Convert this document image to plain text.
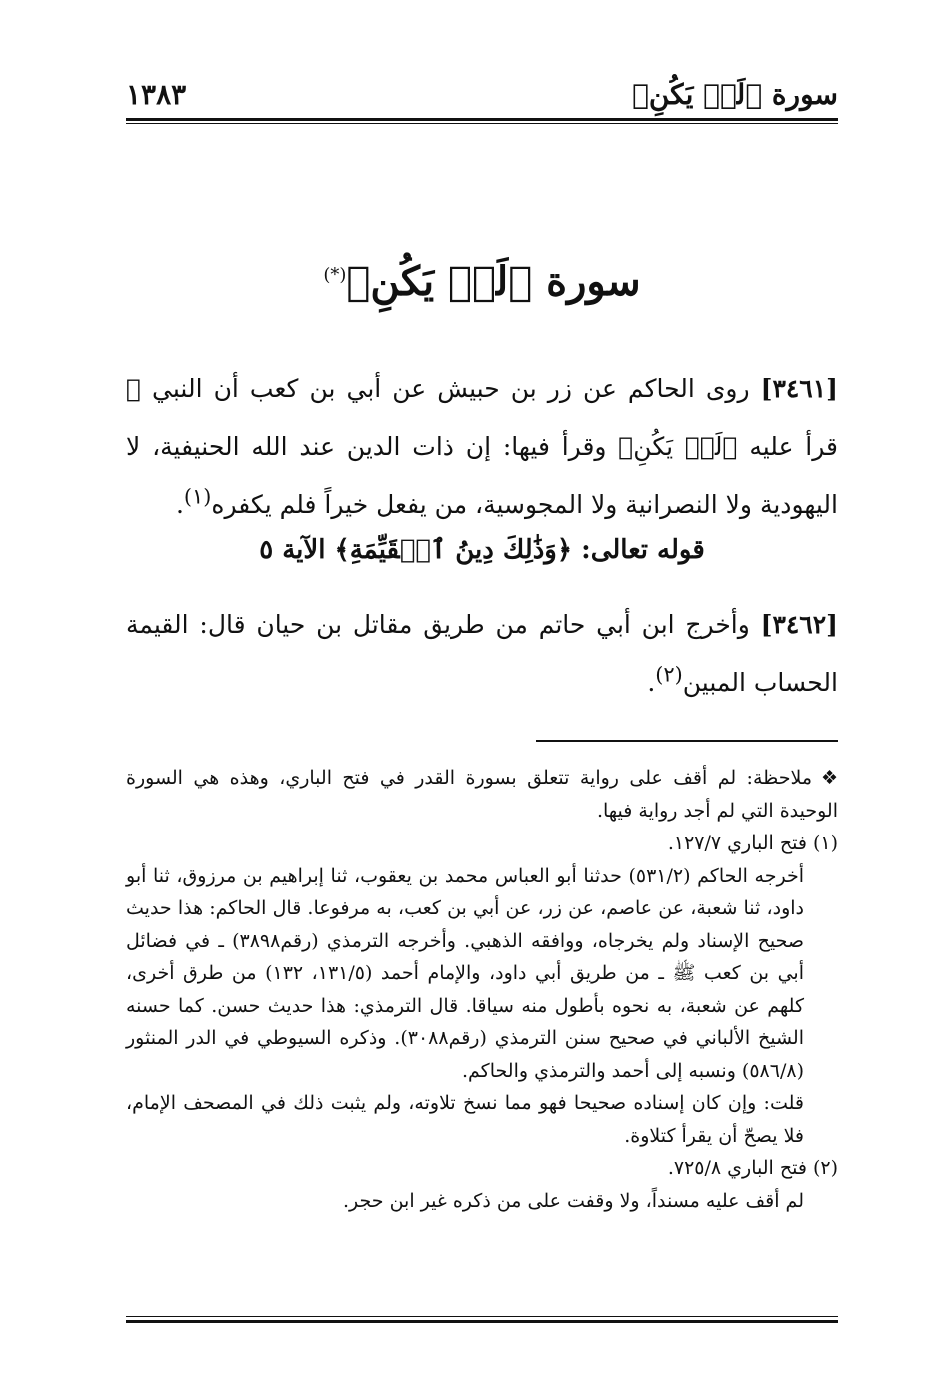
سورة ﴿لَمۡ يَكُنِ﴾
١٣٨٣
سورة ﴿لَمۡ يَكُنِ﴾(*)
[٣٤٦١] روى الحاكم عن زر بن حبيش عن أبي بن كعب أن النبي ﷺ قرأ عليه ﴿لَمۡ يَكُنِ﴾ وقرأ فيها: إن ذات الدين عند الله الحنيفية، لا اليهودية ولا النصرانية ولا المجوسية، من يفعل خيراً فلم يكفره$^{(١)}$.
قوله تعالى: ﴿وَذَٰلِكَ دِينُ ٱلۡقَيِّمَةِ﴾ الآية ٥
[٣٤٦٢] وأخرج ابن أبي حاتم من طريق مقاتل بن حيان قال: القيمة الحساب المبين$^{(٢)}$.

❖ملاحظة: لم أقف على رواية تتعلق بسورة القدر في فتح الباري، وهذه هي السورة الوحيدة التي لم أجد رواية فيها.

(١) فتح الباري ١٢٧/٧.

أخرجه الحاكم (٥٣١/٢) حدثنا أبو العباس محمد بن يعقوب، ثنا إبراهيم بن مرزوق، ثنا أبو داود، ثنا شعبة، عن عاصم، عن زر، عن أبي بن كعب، به مرفوعا. قال الحاكم: هذا حديث صحيح الإسناد ولم يخرجاه، ووافقه الذهبي. وأخرجه الترمذي (رقم٣٨٩٨) ـ في فضائل أبي بن كعب ﷺ ـ من طريق أبي داود، والإمام أحمد (١٣١/٥، ١٣٢) من طرق أخرى، كلهم عن شعبة، به نحوه بأطول منه سياقا. قال الترمذي: هذا حديث حسن. كما حسنه الشيخ الألباني في صحيح سنن الترمذي (رقم٣٠٨٨). وذكره السيوطي في الدر المنثور (٥٨٦/٨) ونسبه إلى أحمد والترمذي والحاكم.

قلت: وإن كان إسناده صحيحا فهو مما نسخ تلاوته، ولم يثبت ذلك في المصحف الإمام، فلا يصحّ أن يقرأ كتلاوة.

(٢) فتح الباري ٧٢٥/٨.

لم أقف عليه مسنداً، ولا وقفت على من ذكره غير ابن حجر.
